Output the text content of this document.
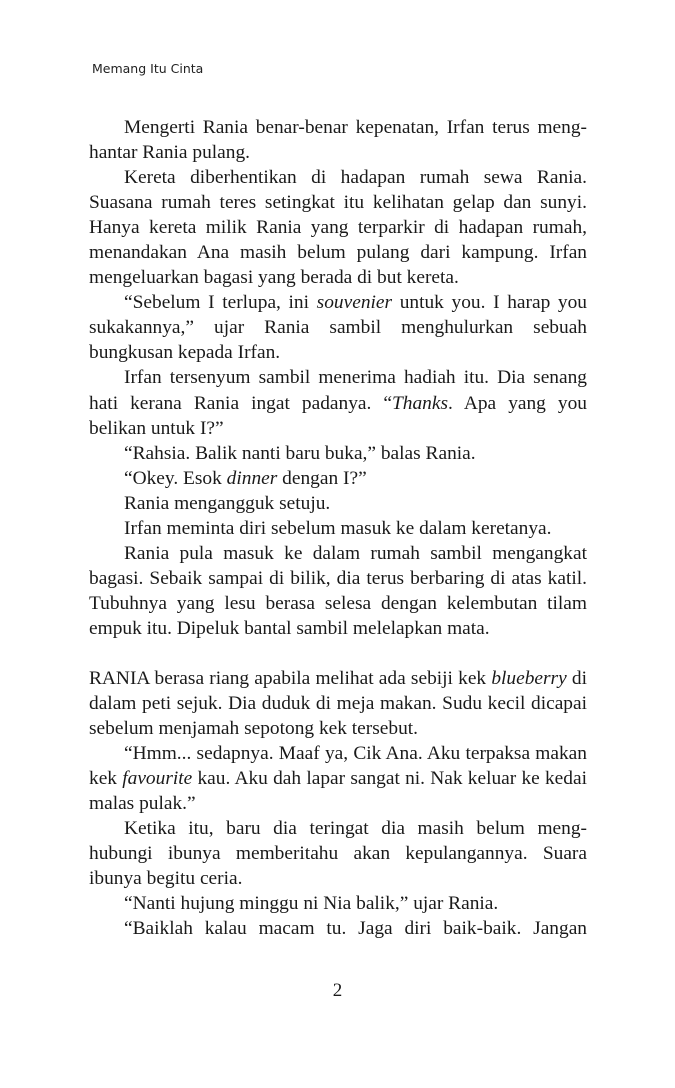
Memang Itu Cinta

Mengerti Rania benar-benar kepenatan, Irfan terus meng-hantar Rania pulang.

Kereta diberhentikan di hadapan rumah sewa Rania. Suasana rumah teres setingkat itu kelihatan gelap dan sunyi. Hanya kereta milik Rania yang terparkir di hadapan rumah, menandakan Ana masih belum pulang dari kampung. Irfan mengeluarkan bagasi yang berada di but kereta.

“Sebelum I terlupa, ini souvenier untuk you. I harap you sukakannya,” ujar Rania sambil menghulurkan sebuah bungkusan kepada Irfan.

Irfan tersenyum sambil menerima hadiah itu. Dia senang hati kerana Rania ingat padanya. “Thanks. Apa yang you belikan untuk I?”

“Rahsia. Balik nanti baru buka,” balas Rania.

“Okey. Esok dinner dengan I?”

Rania mengangguk setuju.

Irfan meminta diri sebelum masuk ke dalam keretanya.

Rania pula masuk ke dalam rumah sambil mengangkat bagasi. Sebaik sampai di bilik, dia terus berbaring di atas katil. Tubuhnya yang lesu berasa selesa dengan kelembutan tilam empuk itu. Dipeluk bantal sambil melelapkan mata.

RANIA berasa riang apabila melihat ada sebiji kek blueberry di dalam peti sejuk. Dia duduk di meja makan. Sudu kecil dicapai sebelum menjamah sepotong kek tersebut.

“Hmm... sedapnya. Maaf ya, Cik Ana. Aku terpaksa makan kek favourite kau. Aku dah lapar sangat ni. Nak keluar ke kedai malas pulak.”

Ketika itu, baru dia teringat dia masih belum meng-hubungi ibunya memberitahu akan kepulangannya. Suara ibunya begitu ceria.

“Nanti hujung minggu ni Nia balik,” ujar Rania.

“Baiklah kalau macam tu. Jaga diri baik-baik. Jangan

2
